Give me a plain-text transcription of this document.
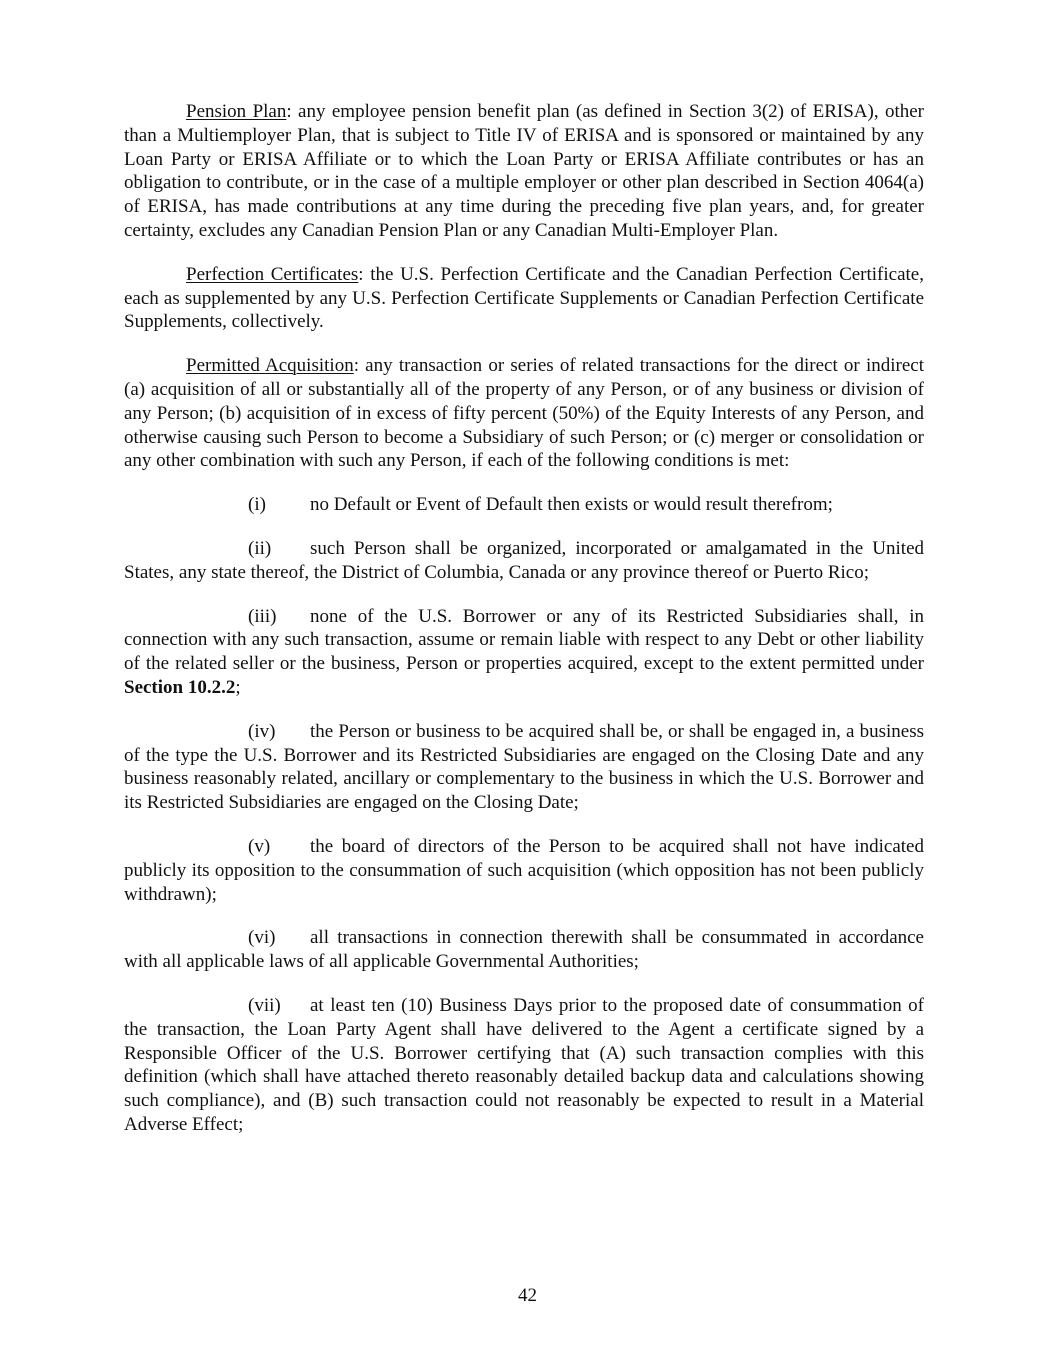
Pension Plan: any employee pension benefit plan (as defined in Section 3(2) of ERISA), other than a Multiemployer Plan, that is subject to Title IV of ERISA and is sponsored or maintained by any Loan Party or ERISA Affiliate or to which the Loan Party or ERISA Affiliate contributes or has an obligation to contribute, or in the case of a multiple employer or other plan described in Section 4064(a) of ERISA, has made contributions at any time during the preceding five plan years, and, for greater certainty, excludes any Canadian Pension Plan or any Canadian Multi-Employer Plan.

Perfection Certificates: the U.S. Perfection Certificate and the Canadian Perfection Certificate, each as supplemented by any U.S. Perfection Certificate Supplements or Canadian Perfection Certificate Supplements, collectively.

Permitted Acquisition: any transaction or series of related transactions for the direct or indirect (a) acquisition of all or substantially all of the property of any Person, or of any business or division of any Person; (b) acquisition of in excess of fifty percent (50%) of the Equity Interests of any Person, and otherwise causing such Person to become a Subsidiary of such Person; or (c) merger or consolidation or any other combination with such any Person, if each of the following conditions is met:

(i) no Default or Event of Default then exists or would result therefrom;

(ii) such Person shall be organized, incorporated or amalgamated in the United States, any state thereof, the District of Columbia, Canada or any province thereof or Puerto Rico;

(iii) none of the U.S. Borrower or any of its Restricted Subsidiaries shall, in connection with any such transaction, assume or remain liable with respect to any Debt or other liability of the related seller or the business, Person or properties acquired, except to the extent permitted under Section 10.2.2;

(iv) the Person or business to be acquired shall be, or shall be engaged in, a business of the type the U.S. Borrower and its Restricted Subsidiaries are engaged on the Closing Date and any business reasonably related, ancillary or complementary to the business in which the U.S. Borrower and its Restricted Subsidiaries are engaged on the Closing Date;

(v) the board of directors of the Person to be acquired shall not have indicated publicly its opposition to the consummation of such acquisition (which opposition has not been publicly withdrawn);

(vi) all transactions in connection therewith shall be consummated in accordance with all applicable laws of all applicable Governmental Authorities;

(vii) at least ten (10) Business Days prior to the proposed date of consummation of the transaction, the Loan Party Agent shall have delivered to the Agent a certificate signed by a Responsible Officer of the U.S. Borrower certifying that (A) such transaction complies with this definition (which shall have attached thereto reasonably detailed backup data and calculations showing such compliance), and (B) such transaction could not reasonably be expected to result in a Material Adverse Effect;

42
